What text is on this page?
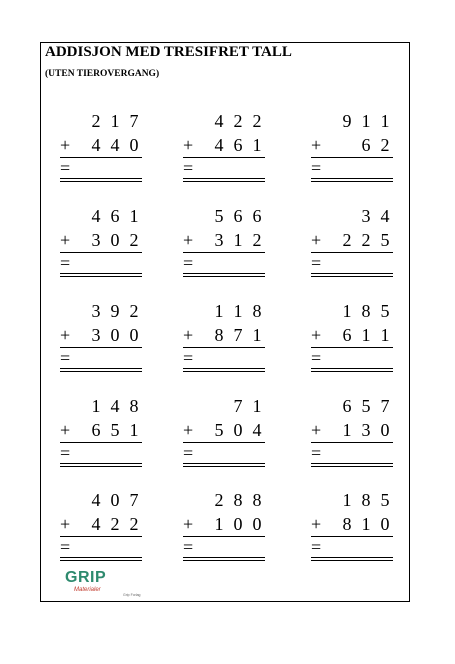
ADDISJON MED TRESIFRET TALL
(UTEN TIEROVERGANG)
2 1 7
+ 4 4 0
=
4 2 2
+ 4 6 1
=
9 1 1
+ 6 2
=
4 6 1
+ 3 0 2
=
5 6 6
+ 3 1 2
=
3 4
+ 2 2 5
=
3 9 2
+ 3 0 0
=
1 1 8
+ 8 7 1
=
1 8 5
+ 6 1 1
=
1 4 8
+ 6 5 1
=
7 1
+ 5 0 4
=
6 5 7
+ 1 3 0
=
4 0 7
+ 4 2 2
=
2 8 8
+ 1 0 0
=
1 8 5
+ 8 1 0
=
GRIP
Materialer
Grip Forlag
